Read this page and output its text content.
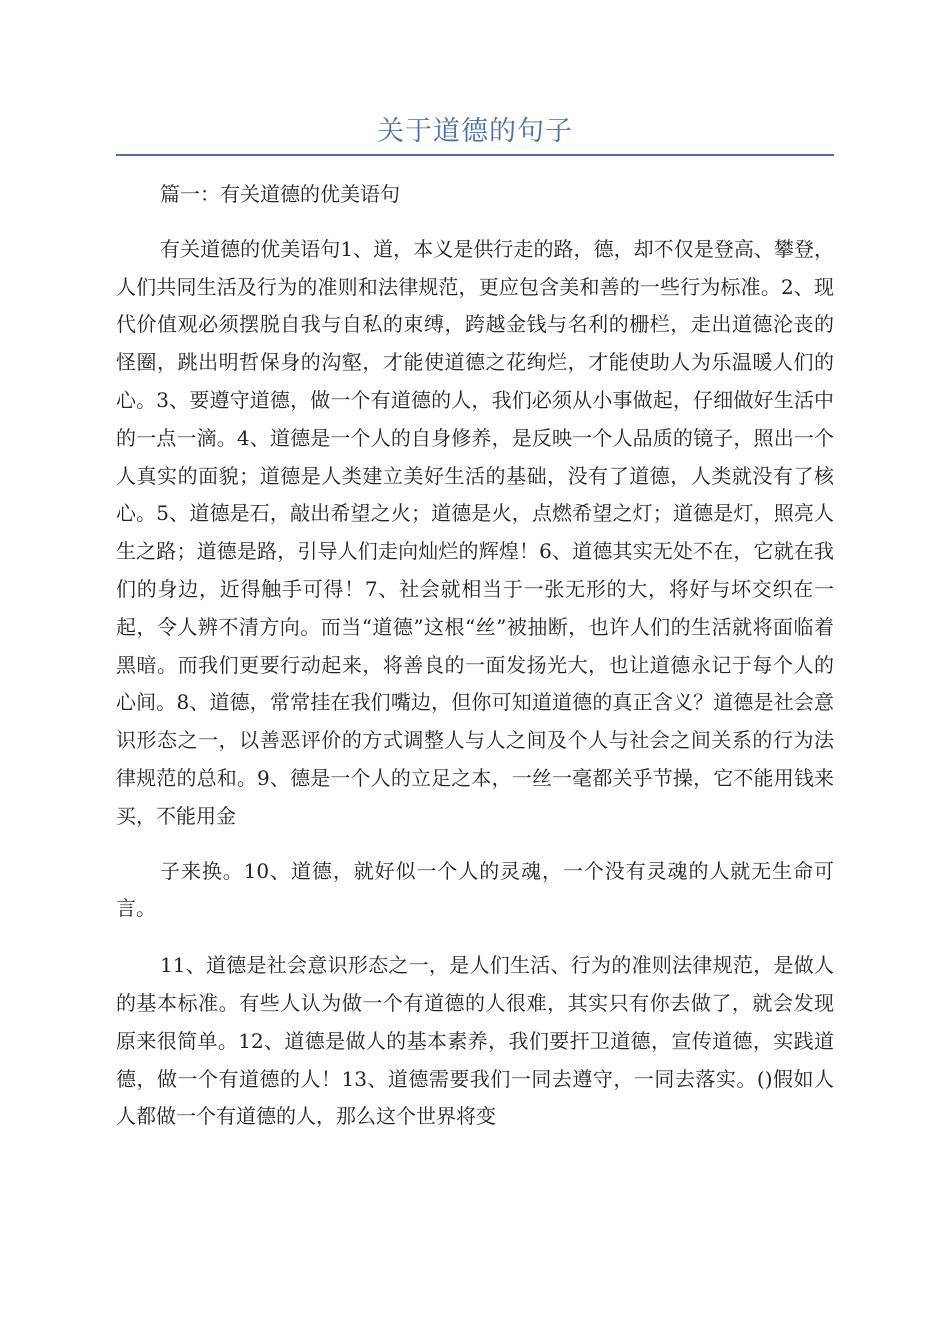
关于道德的句子

篇一：有关道德的优美语句

有关道德的优美语句1、道，本义是供行走的路，德，却不仅是登高、攀登，人们共同生活及行为的准则和法律规范，更应包含美和善的一些行为标准。2、现代价值观必须摆脱自我与自私的束缚，跨越金钱与名利的栅栏，走出道德沦丧的怪圈，跳出明哲保身的沟壑，才能使道德之花绚烂，才能使助人为乐温暖人们的心。3、要遵守道德，做一个有道德的人，我们必须从小事做起，仔细做好生活中的一点一滴。4、道德是一个人的自身修养，是反映一个人品质的镜子，照出一个人真实的面貌；道德是人类建立美好生活的基础，没有了道德，人类就没有了核心。5、道德是石，敲出希望之火；道德是火，点燃希望之灯；道德是灯，照亮人生之路；道德是路，引导人们走向灿烂的辉煌！6、道德其实无处不在，它就在我们的身边，近得触手可得！7、社会就相当于一张无形的大，将好与坏交织在一起，令人辨不清方向。而当“道德”这根“丝”被抽断，也许人们的生活就将面临着黑暗。而我们更要行动起来，将善良的一面发扬光大，也让道德永记于每个人的心间。8、道德，常常挂在我们嘴边，但你可知道道德的真正含义？道德是社会意识形态之一，以善恶评价的方式调整人与人之间及个人与社会之间关系的行为法律规范的总和。9、德是一个人的立足之本，一丝一毫都关乎节操，它不能用钱来买，不能用金

子来换。10、道德，就好似一个人的灵魂，一个没有灵魂的人就无生命可言。

11、道德是社会意识形态之一，是人们生活、行为的准则法律规范，是做人的基本标准。有些人认为做一个有道德的人很难，其实只有你去做了，就会发现原来很简单。12、道德是做人的基本素养，我们要扞卫道德，宣传道德，实践道德，做一个有道德的人！13、道德需要我们一同去遵守，一同去落实。()假如人人都做一个有道德的人，那么这个世界将变
